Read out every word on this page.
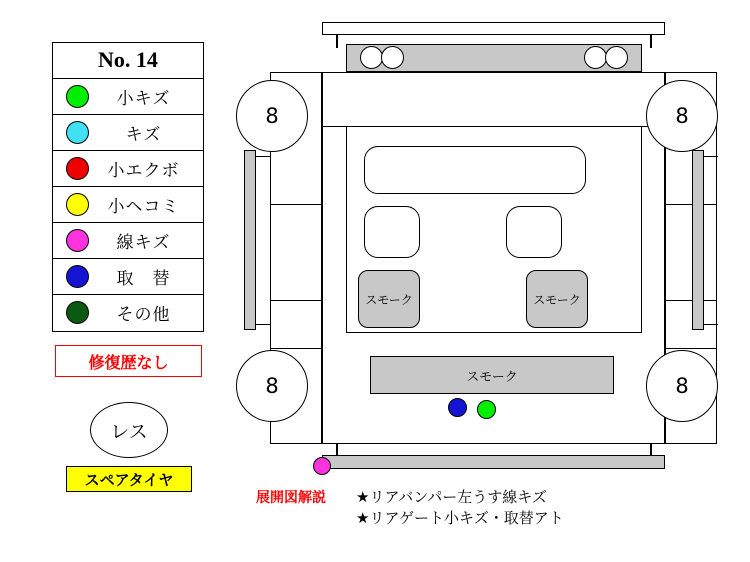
No. 14
小キズ
キズ
小エクボ
小ヘコミ
線キズ
取　替
その他
修復歴なし
レス
スペアタイヤ
展開図解説	★リアバンパー左うす線キズ
★リアゲート小キズ・取替アト
スモーク	スモーク
スモーク
8	8
8	8
